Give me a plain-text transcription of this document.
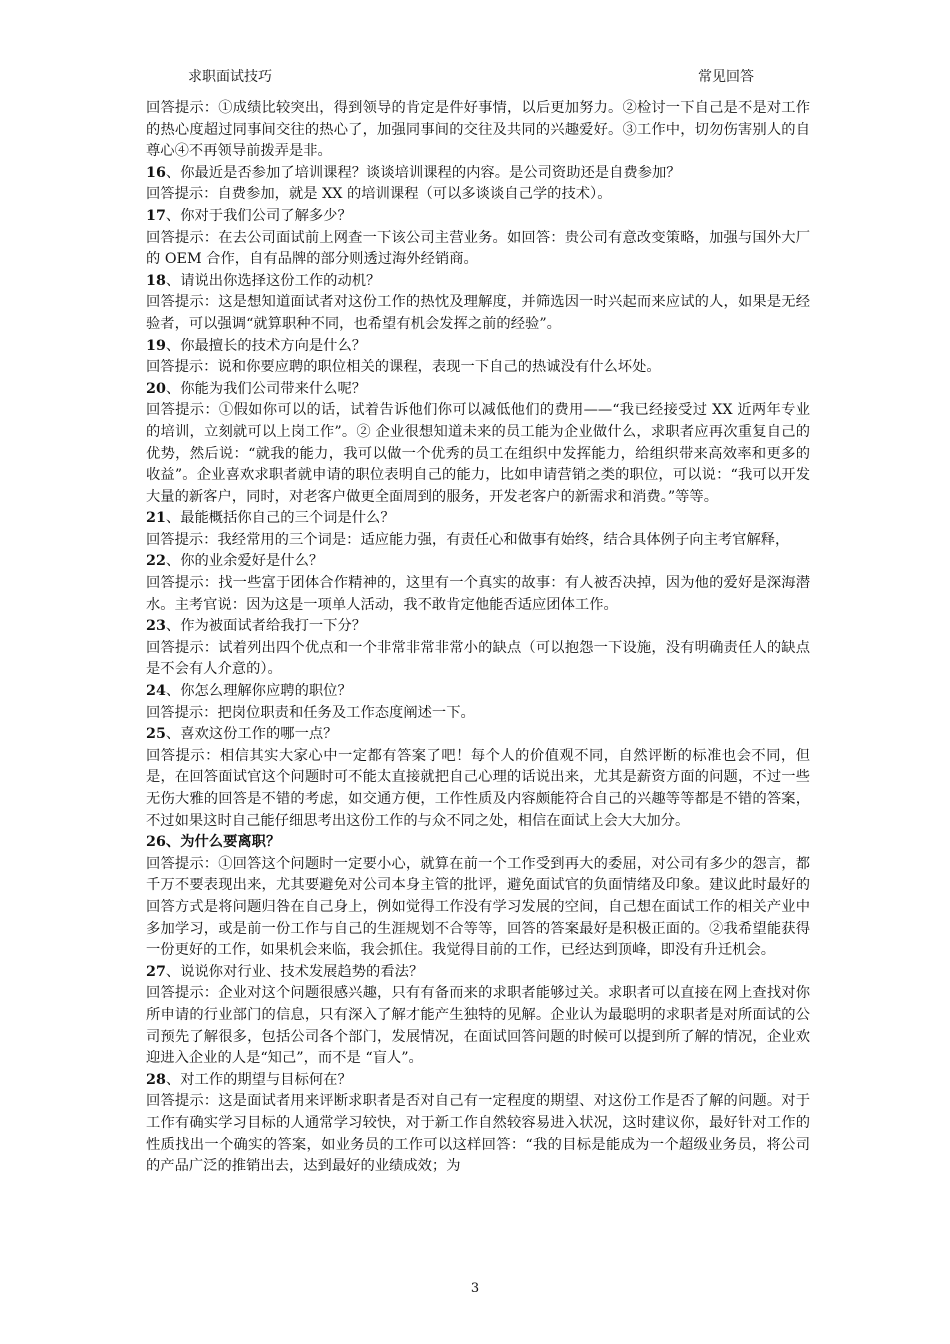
求职面试技巧	常见回答

回答提示：①成绩比较突出，得到领导的肯定是件好事情，以后更加努力。②检讨一下自己是不是对工作的热心度超过同事间交往的热心了，加强同事间的交往及共同的兴趣爱好。③工作中，切勿伤害别人的自尊心④不再领导前拨弄是非。

16、你最近是否参加了培训课程？谈谈培训课程的内容。是公司资助还是自费参加？

回答提示：自费参加，就是 XX 的培训课程（可以多谈谈自己学的技术）。

17、你对于我们公司了解多少？

回答提示：在去公司面试前上网查一下该公司主营业务。如回答：贵公司有意改变策略，加强与国外大厂的 OEM 合作，自有品牌的部分则透过海外经销商。

18、请说出你选择这份工作的动机？

回答提示：这是想知道面试者对这份工作的热忱及理解度，并筛选因一时兴起而来应试的人，如果是无经验者，可以强调“就算职种不同，也希望有机会发挥之前的经验”。

19、你最擅长的技术方向是什么？

回答提示：说和你要应聘的职位相关的课程，表现一下自己的热诚没有什么坏处。

20、你能为我们公司带来什么呢？

回答提示：①假如你可以的话，试着告诉他们你可以减低他们的费用——“我已经接受过 XX 近两年专业的培训，立刻就可以上岗工作”。② 企业很想知道未来的员工能为企业做什么，求职者应再次重复自己的优势，然后说：“就我的能力，我可以做一个优秀的员工在组织中发挥能力，给组织带来高效率和更多的收益”。企业喜欢求职者就申请的职位表明自己的能力，比如申请营销之类的职位，可以说：“我可以开发大量的新客户，同时，对老客户做更全面周到的服务，开发老客户的新需求和消费。”等等。

21、最能概括你自己的三个词是什么？

回答提示：我经常用的三个词是：适应能力强，有责任心和做事有始终，结合具体例子向主考官解释，

22、你的业余爱好是什么？

回答提示：找一些富于团体合作精神的，这里有一个真实的故事：有人被否决掉，因为他的爱好是深海潜水。主考官说：因为这是一项单人活动，我不敢肯定他能否适应团体工作。

23、作为被面试者给我打一下分？

回答提示：试着列出四个优点和一个非常非常非常小的缺点（可以抱怨一下设施，没有明确责任人的缺点是不会有人介意的）。

24、你怎么理解你应聘的职位？

回答提示：把岗位职责和任务及工作态度阐述一下。

25、喜欢这份工作的哪一点？

回答提示：相信其实大家心中一定都有答案了吧！每个人的价值观不同，自然评断的标准也会不同，但是，在回答面试官这个问题时可不能太直接就把自己心理的话说出来，尤其是薪资方面的问题，不过一些无伤大雅的回答是不错的考虑，如交通方便，工作性质及内容颇能符合自己的兴趣等等都是不错的答案，不过如果这时自己能仔细思考出这份工作的与众不同之处，相信在面试上会大大加分。

26、为什么要离职？

回答提示：①回答这个问题时一定要小心，就算在前一个工作受到再大的委屈，对公司有多少的怨言，都千万不要表现出来，尤其要避免对公司本身主管的批评，避免面试官的负面情绪及印象。建议此时最好的回答方式是将问题归咎在自己身上，例如觉得工作没有学习发展的空间，自己想在面试工作的相关产业中多加学习，或是前一份工作与自己的生涯规划不合等等，回答的答案最好是积极正面的。②我希望能获得一份更好的工作，如果机会来临，我会抓住。我觉得目前的工作，已经达到顶峰，即没有升迁机会。

27、说说你对行业、技术发展趋势的看法？

回答提示：企业对这个问题很感兴趣，只有有备而来的求职者能够过关。求职者可以直接在网上查找对你所申请的行业部门的信息，只有深入了解才能产生独特的见解。企业认为最聪明的求职者是对所面试的公司预先了解很多，包括公司各个部门，发展情况，在面试回答问题的时候可以提到所了解的情况，企业欢迎进入企业的人是“知己”，而不是 “盲人”。

28、对工作的期望与目标何在？

回答提示：这是面试者用来评断求职者是否对自己有一定程度的期望、对这份工作是否了解的问题。对于工作有确实学习目标的人通常学习较快，对于新工作自然较容易进入状况，这时建议你，最好针对工作的性质找出一个确实的答案，如业务员的工作可以这样回答：“我的目标是能成为一个超级业务员，将公司的产品广泛的推销出去，达到最好的业绩成效；为

3
